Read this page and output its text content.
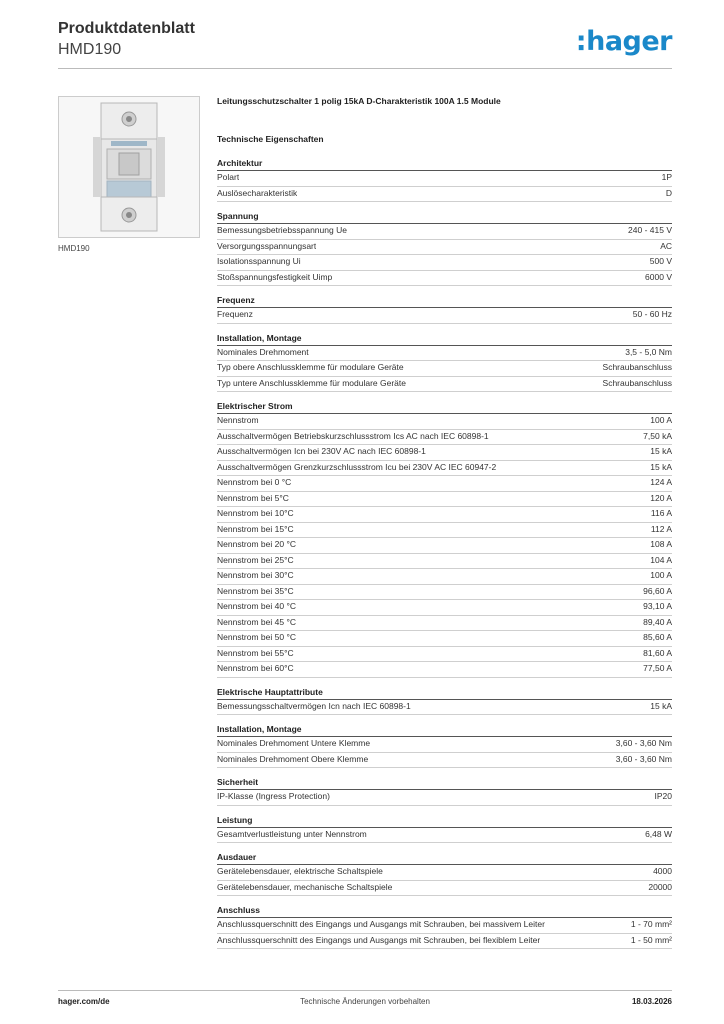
Produktdatenblatt
HMD190	:hager
HMD190
Leitungsschutzschalter 1 polig 15kA D-Charakteristik 100A 1.5 Module
Technische Eigenschaften
Architektur
Polart	1P
Auslösecharakteristik	D
Spannung
Bemessungsbetriebsspannung Ue	240 - 415 V
Versorgungsspannungsart	AC
Isolationsspannung Ui	500 V
Stoßspannungsfestigkeit Uimp	6000 V
Frequenz
Frequenz	50 - 60 Hz
Installation, Montage
Nominales Drehmoment	3,5 - 5,0 Nm
Typ obere Anschlussklemme für modulare Geräte	Schraubanschluss
Typ untere Anschlussklemme für modulare Geräte	Schraubanschluss
Elektrischer Strom
Nennstrom	100 A
Ausschaltvermögen Betriebskurzschlussstrom Ics AC nach IEC 60898-1	7,50 kA
Ausschaltvermögen Icn bei 230V AC nach IEC 60898-1	15 kA
Ausschaltvermögen Grenzkurzschlussstrom Icu bei 230V AC IEC 60947-2	15 kA
Nennstrom bei 0 °C	124 A
Nennstrom bei 5°C	120 A
Nennstrom bei 10°C	116 A
Nennstrom bei 15°C	112 A
Nennstrom bei 20 °C	108 A
Nennstrom bei 25°C	104 A
Nennstrom bei 30°C	100 A
Nennstrom bei 35°C	96,60 A
Nennstrom bei 40 °C	93,10 A
Nennstrom bei 45 °C	89,40 A
Nennstrom bei 50 °C	85,60 A
Nennstrom bei 55°C	81,60 A
Nennstrom bei 60°C	77,50 A
Elektrische Hauptattribute
Bemessungsschaltvermögen Icn nach IEC 60898-1	15 kA
Installation, Montage
Nominales Drehmoment Untere Klemme	3,60 - 3,60 Nm
Nominales Drehmoment Obere Klemme	3,60 - 3,60 Nm
Sicherheit
IP-Klasse (Ingress Protection)	IP20
Leistung
Gesamtverlustleistung unter Nennstrom	6,48 W
Ausdauer
Gerätelebensdauer, elektrische Schaltspiele	4000
Gerätelebensdauer, mechanische Schaltspiele	20000
Anschluss
Anschlussquerschnitt des Eingangs und Ausgangs mit Schrauben, bei massivem Leiter	1 - 70 mm²
Anschlussquerschnitt des Eingangs und Ausgangs mit Schrauben, bei flexiblem Leiter	1 - 50 mm²
hager.com/de	Technische Änderungen vorbehalten	18.03.2026
